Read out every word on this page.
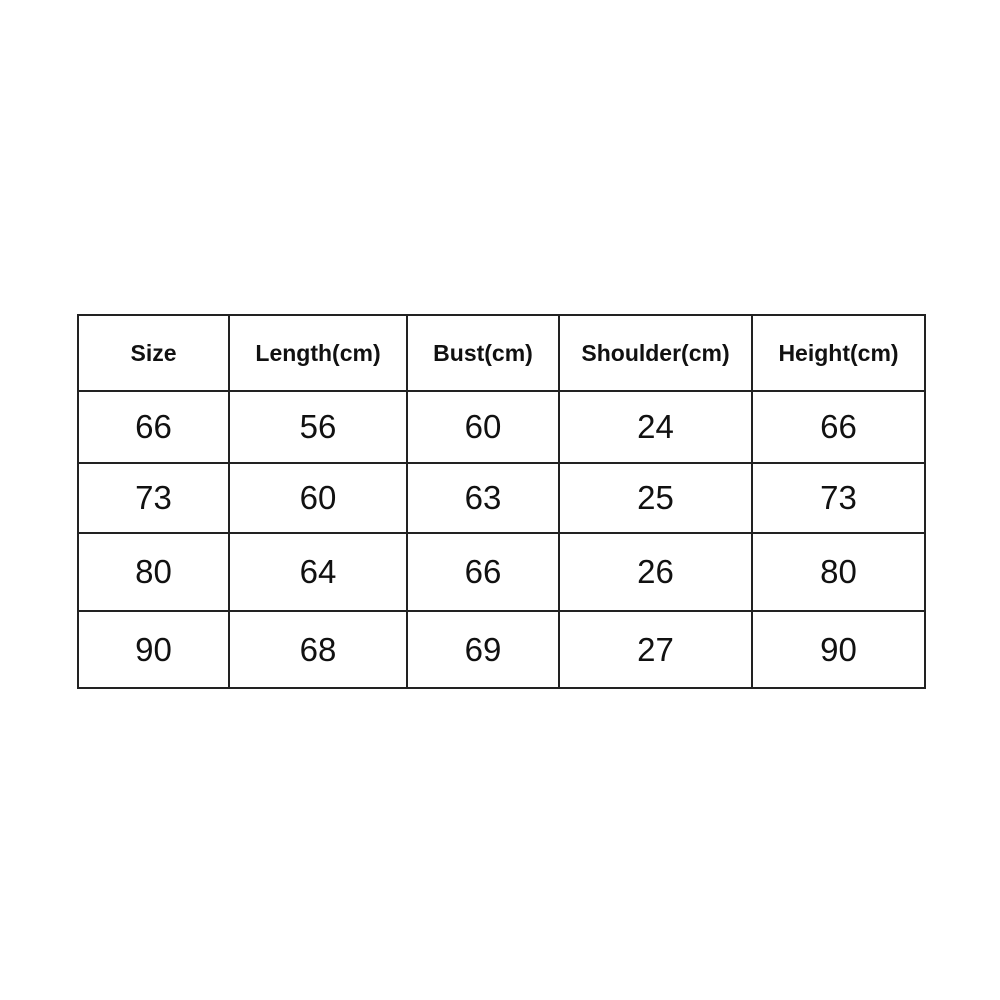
Size	Length(cm)	Bust(cm)	Shoulder(cm)	Height(cm)
66	56	60	24	66
73	60	63	25	73
80	64	66	26	80
90	68	69	27	90
